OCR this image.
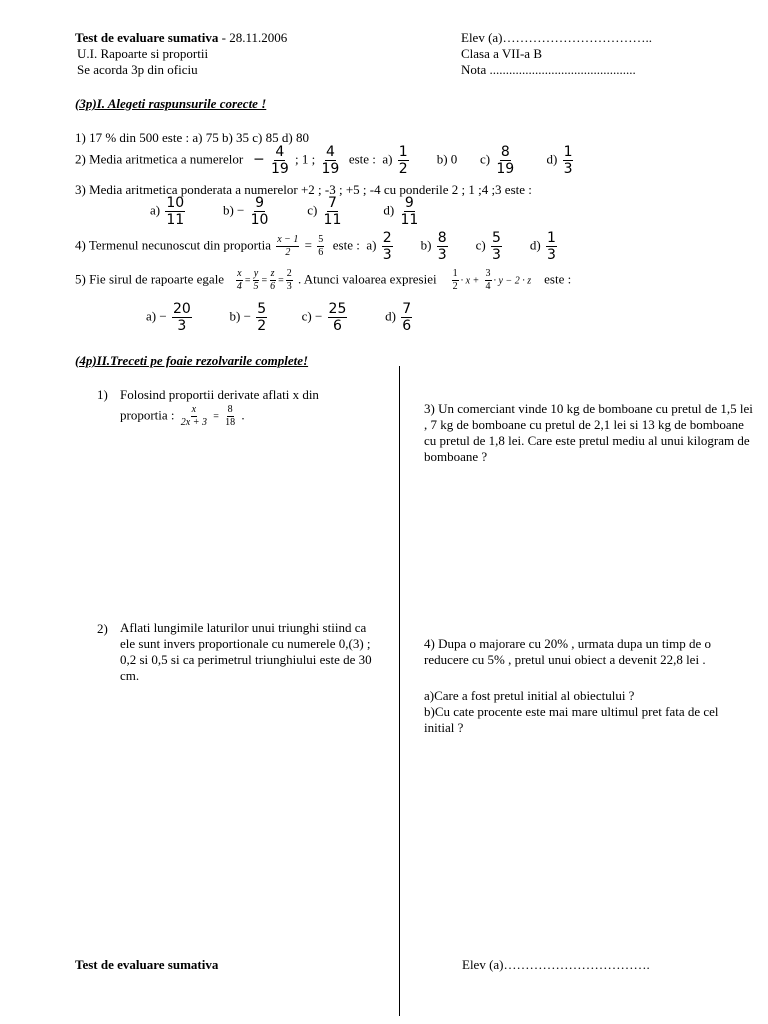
Test de evaluare sumativa - 28.11.2006
U.I. Rapoarte si proportii
Se acorda 3p din oficiu
Elev (a)……………………………..
Clasa a VII-a B
Nota .............................................
(3p)I. Alegeti raspunsurile corecte !
1) 17 % din 500 este : a) 75 b) 35 c) 85 d) 80
2) Media aritmetica a numerelor − $\frac{4}{19}$ ; 1 ; $\frac{4}{19}$ este : $a) \frac{1}{2} b$) 0 $c) \frac{8}{19} d) \frac{1}{3}$
3) Media aritmetica ponderata a numerelor +2 ; -3 ; +5 ; -4 cu ponderile 2 ; 1 ;4 ;3 este :
$a) \frac{10}{11}$	$b) - \frac{9}{10}$	$c) \frac{7}{11}$	$d) \frac{9}{11}$
4) Termenul necunoscut din proportia $\frac{x - 1}{2} = \frac{5}{6}$ este : $a) \frac{2}{3} b) \frac{8}{3} c) \frac{5}{3} d) \frac{1}{3}$
5) Fie sirul de rapoarte egale $\frac{x}{4} = \frac{y}{5} = \frac{z}{6} = \frac{2}{3}$ . Atunci valoarea expresiei $\frac{1}{2} \cdot x + \frac{3}{4} \cdot y - 2 \cdot z$ este :
$a) - \frac{20}{3}$	$b) - \frac{5}{2}$	$c) - \frac{25}{6}$	$d) \frac{7}{6}$
(4p)II.Treceti pe foaie rezolvarile complete!
1) Folosind proportii derivate aflati x din
proportia : $\frac{x}{2x + 3} = \frac{8}{18}$ .
2) Aflati lungimile laturilor unui triunghi stiind ca ele sunt invers proportionale cu numerele 0,(3) ; 0,2 si 0,5 si ca perimetrul triunghiului este de 30 cm.
3) Un comerciant vinde 10 kg de bomboane cu pretul de 1,5 lei , 7 kg de bomboane cu pretul de 2,1 lei si 13 kg de bomboane cu pretul de 1,8 lei. Care este pretul mediu al unui kilogram de bomboane ?
4) Dupa o majorare cu 20% , urmata dupa un timp de o reducere cu 5% , pretul unui obiect a devenit 22,8 lei .
a)Care a fost pretul initial al obiectului ?
b)Cu cate procente este mai mare ultimul pret fata de cel initial ?
Test de evaluare sumativa	Elev (a)…………………………….
